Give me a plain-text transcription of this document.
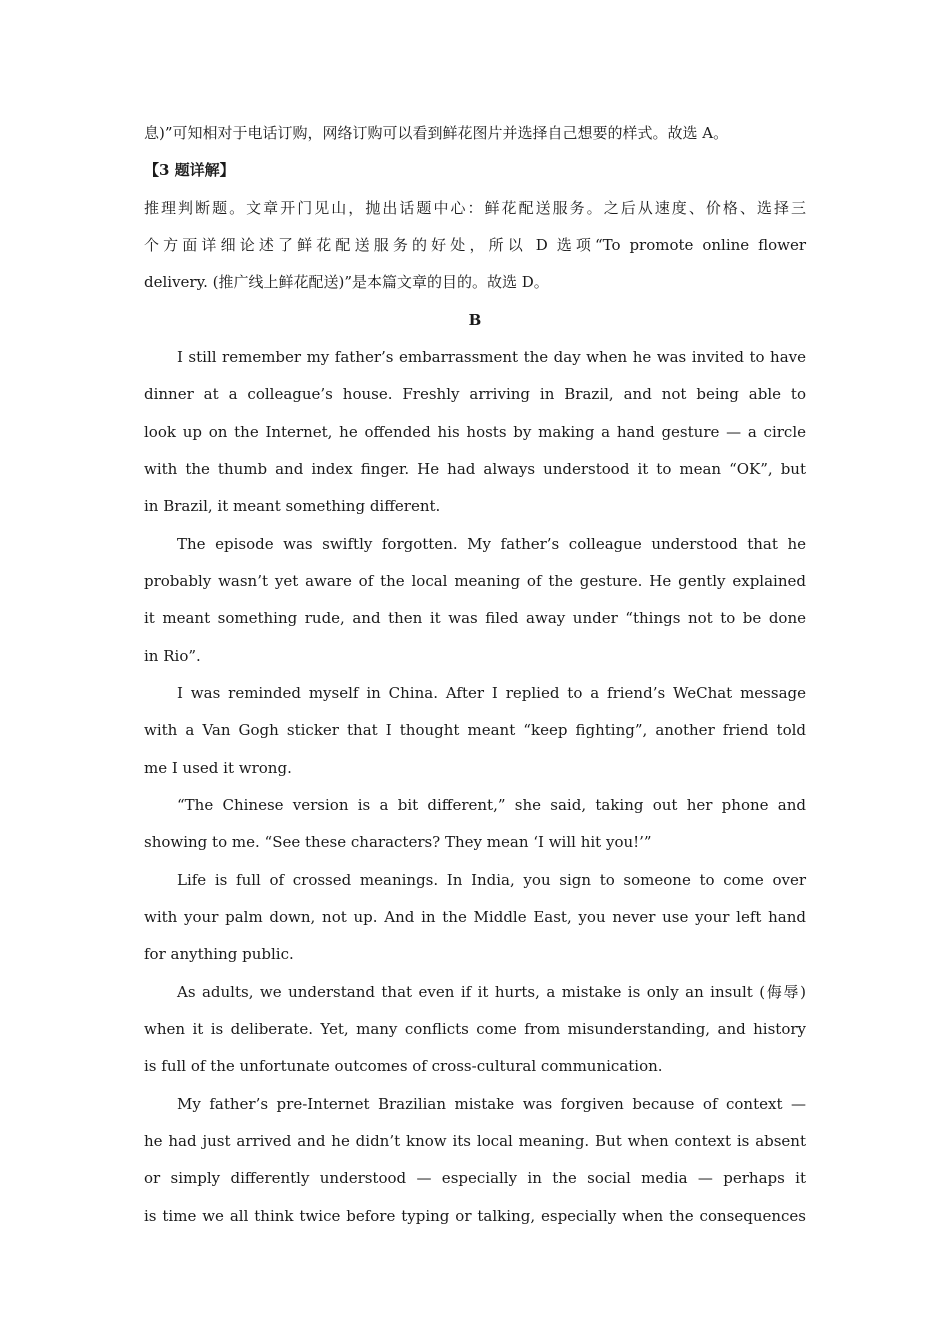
息)”可知相对于电话订购，网络订购可以看到鲜花图片并选择自己想要的样式。故选 A。
【3 题详解】
推理判断题。文章开门见山，抛出话题中心：鲜花配送服务。之后从速度、价格、选择三
个方面详细论述了鲜花配送服务的好处，所以 D 选项“To promote online flower
delivery. (推广线上鲜花配送)”是本篇文章的目的。故选 D。
B
I still remember my father’s embarrassment the day when he was invited to have
dinner at a colleague’s house. Freshly arriving in Brazil, and not being able to
look up on the Internet, he offended his hosts by making a hand gesture — a circle
with the thumb and index finger. He had always understood it to mean “OK”, but
in Brazil, it meant something different.
The episode was swiftly forgotten. My father’s colleague understood that he
probably wasn’t yet aware of the local meaning of the gesture. He gently explained
it meant something rude, and then it was filed away under “things not to be done
in Rio”.
I was reminded myself in China. After I replied to a friend’s WeChat message
with a Van Gogh sticker that I thought meant “keep fighting”, another friend told
me I used it wrong.
“The Chinese version is a bit different,” she said, taking out her phone and
showing to me. “See these characters? They mean ‘I will hit you!’”
Life is full of crossed meanings. In India, you sign to someone to come over
with your palm down, not up. And in the Middle East, you never use your left hand
for anything public.
As adults, we understand that even if it hurts, a mistake is only an insult (侮辱)
when it is deliberate. Yet, many conflicts come from misunderstanding, and history
is full of the unfortunate outcomes of cross-cultural communication.
My father’s pre-Internet Brazilian mistake was forgiven because of context —
he had just arrived and he didn’t know its local meaning. But when context is absent
or simply differently understood — especially in the social media — perhaps it
is time we all think twice before typing or talking, especially when the consequences
